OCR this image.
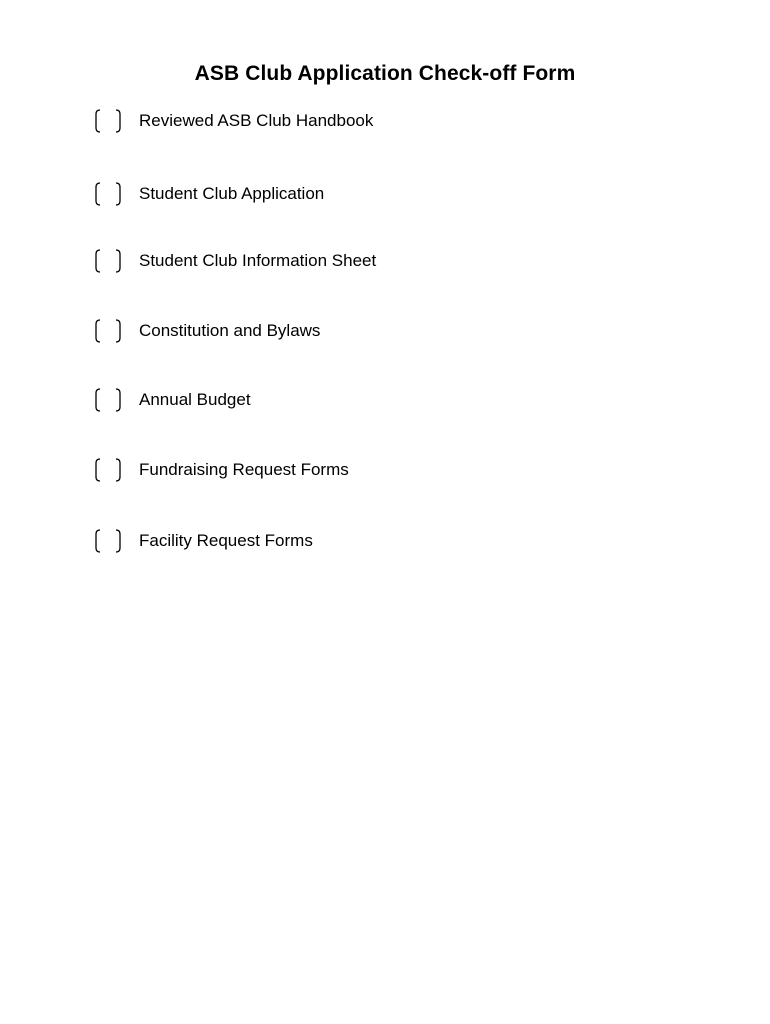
ASB Club Application Check-off Form
Reviewed ASB Club Handbook
Student Club Application
Student Club Information Sheet
Constitution and Bylaws
Annual Budget
Fundraising Request Forms
Facility Request Forms
